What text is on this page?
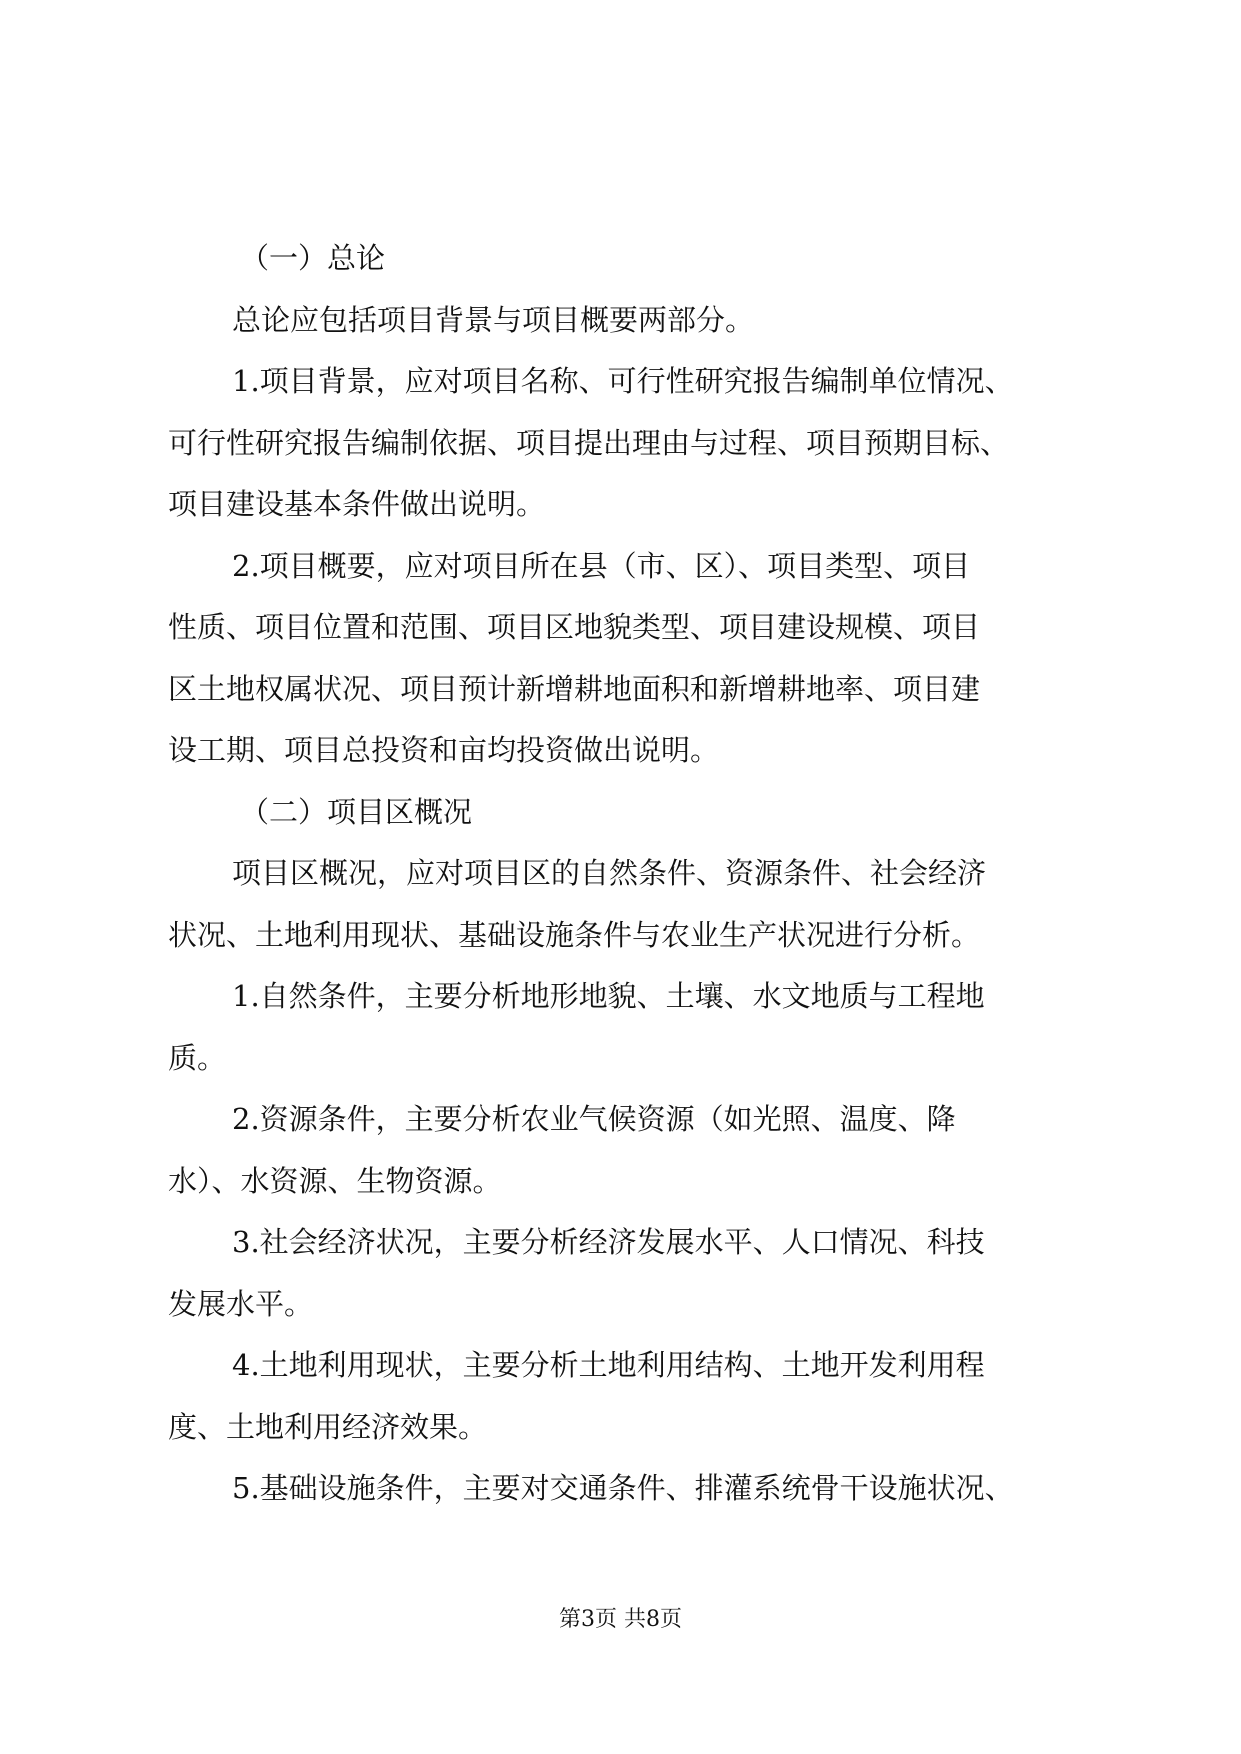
（一）总论
总论应包括项目背景与项目概要两部分。
1.项目背景，应对项目名称、可行性研究报告编制单位情况、
可行性研究报告编制依据、项目提出理由与过程、项目预期目标、
项目建设基本条件做出说明。
2.项目概要，应对项目所在县（市、区）、项目类型、项目
性质、项目位置和范围、项目区地貌类型、项目建设规模、项目
区土地权属状况、项目预计新增耕地面积和新增耕地率、项目建
设工期、项目总投资和亩均投资做出说明。
（二）项目区概况
项目区概况，应对项目区的自然条件、资源条件、社会经济
状况、土地利用现状、基础设施条件与农业生产状况进行分析。
1.自然条件，主要分析地形地貌、土壤、水文地质与工程地
质。
2.资源条件，主要分析农业气候资源（如光照、温度、降
水）、水资源、生物资源。
3.社会经济状况，主要分析经济发展水平、人口情况、科技
发展水平。
4.土地利用现状，主要分析土地利用结构、土地开发利用程
度、土地利用经济效果。
5.基础设施条件，主要对交通条件、排灌系统骨干设施状况、
第3页 共8页
